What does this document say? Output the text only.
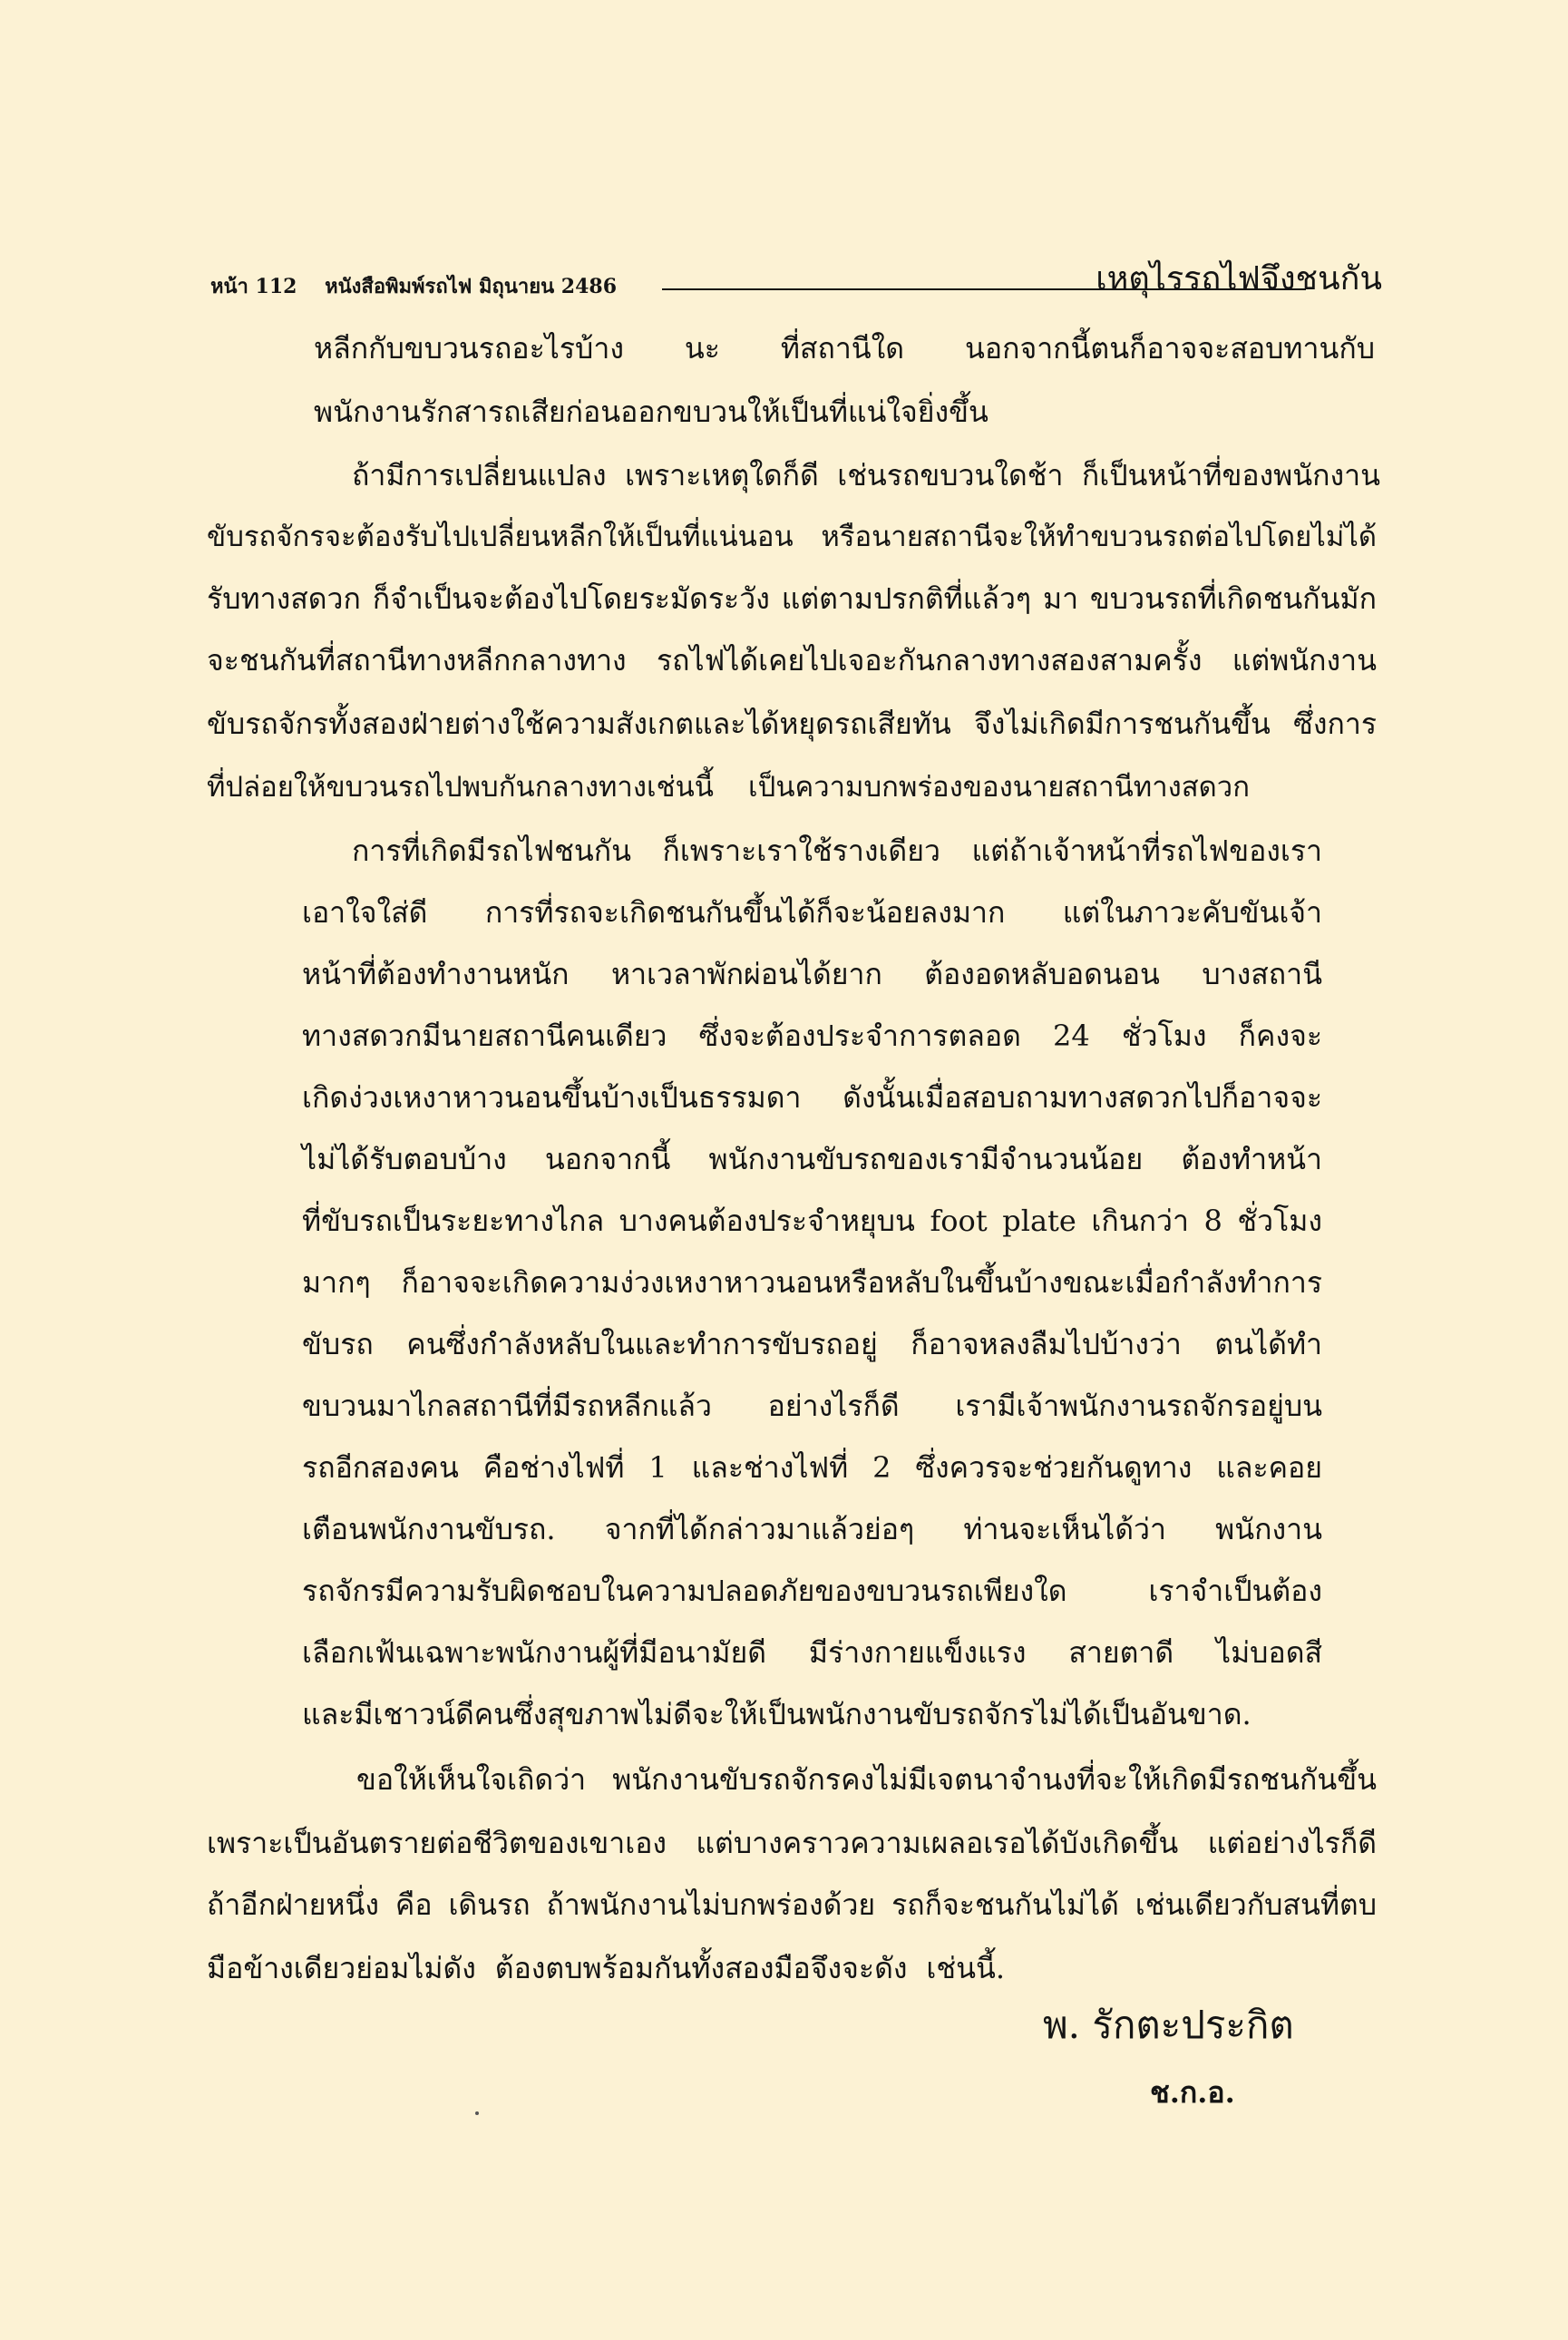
หน้า 112 หนังสือพิมพ์รถไฟ มิถุนายน 2486	เหตุไรรถไฟจึงชนกัน
หลีกกับขบวนรถอะไรบ้าง นะ ที่สถานีใด นอกจากนี้ตนก็อาจจะสอบทานกับ
พนักงานรักสารถเสียก่อนออกขบวนให้เป็นที่แน่ใจยิ่งขึ้น
ถ้ามีการเปลี่ยนแปลง เพราะเหตุใดก็ดี เช่นรถขบวนใดช้า ก็เป็นหน้าที่ของพนักงาน
ขับรถจักรจะต้องรับไปเปลี่ยนหลีกให้เป็นที่แน่นอน หรือนายสถานีจะให้ทำขบวนรถต่อไปโดยไม่ได้
รับทางสดวก ก็จำเป็นจะต้องไปโดยระมัดระวัง แต่ตามปรกติที่แล้วๆ มา ขบวนรถที่เกิดชนกันมัก
จะชนกันที่สถานีทางหลีกกลางทาง รถไฟได้เคยไปเจอะกันกลางทางสองสามครั้ง แต่พนักงาน
ขับรถจักรทั้งสองฝ่ายต่างใช้ความสังเกตและได้หยุดรถเสียทัน จึงไม่เกิดมีการชนกันขึ้น ซึ่งการ
ที่ปล่อยให้ขบวนรถไปพบกันกลางทางเช่นนี้ เป็นความบกพร่องของนายสถานีทางสดวก
การที่เกิดมีรถไฟชนกัน ก็เพราะเราใช้รางเดียว แต่ถ้าเจ้าหน้าที่รถไฟของเรา
เอาใจใส่ดี การที่รถจะเกิดชนกันขึ้นได้ก็จะน้อยลงมาก แต่ในภาวะคับขันเจ้า
หน้าที่ต้องทำงานหนัก หาเวลาพักผ่อนได้ยาก ต้องอดหลับอดนอน บางสถานี
ทางสดวกมีนายสถานีคนเดียว ซึ่งจะต้องประจำการตลอด 24 ชั่วโมง ก็คงจะ
เกิดง่วงเหงาหาวนอนขึ้นบ้างเป็นธรรมดา ดังนั้นเมื่อสอบถามทางสดวกไปก็อาจจะ
ไม่ได้รับตอบบ้าง นอกจากนี้ พนักงานขับรถของเรามีจำนวนน้อย ต้องทำหน้า
ที่ขับรถเป็นระยะทางไกล บางคนต้องประจำหยุบน foot plate เกินกว่า 8 ชั่วโมง
มากๆ ก็อาจจะเกิดความง่วงเหงาหาวนอนหรือหลับในขึ้นบ้างขณะเมื่อกำลังทำการ
ขับรถ คนซึ่งกำลังหลับในและทำการขับรถอยู่ ก็อาจหลงลืมไปบ้างว่า ตนได้ทำ
ขบวนมาไกลสถานีที่มีรถหลีกแล้ว อย่างไรก็ดี เรามีเจ้าพนักงานรถจักรอยู่บน
รถอีกสองคน คือช่างไฟที่ 1 และช่างไฟที่ 2 ซึ่งควรจะช่วยกันดูทาง และคอย
เตือนพนักงานขับรถ. จากที่ได้กล่าวมาแล้วย่อๆ ท่านจะเห็นได้ว่า พนักงาน
รถจักรมีความรับผิดชอบในความปลอดภัยของขบวนรถเพียงใด เราจำเป็นต้อง
เลือกเฟ้นเฉพาะพนักงานผู้ที่มีอนามัยดี มีร่างกายแข็งแรง สายตาดี ไม่บอดสี
และมีเชาวน์ดีคนซึ่งสุขภาพไม่ดีจะให้เป็นพนักงานขับรถจักรไม่ได้เป็นอันขาด.
ขอให้เห็นใจเถิดว่า พนักงานขับรถจักรคงไม่มีเจตนาจำนงที่จะให้เกิดมีรถชนกันขึ้น
เพราะเป็นอันตรายต่อชีวิตของเขาเอง แต่บางคราวความเผลอเรอได้บังเกิดขึ้น แต่อย่างไรก็ดี
ถ้าอีกฝ่ายหนึ่ง คือ เดินรถ ถ้าพนักงานไม่บกพร่องด้วย รถก็จะชนกันไม่ได้ เช่นเดียวกับสนที่ตบ
มือข้างเดียวย่อมไม่ดัง ต้องตบพร้อมกันทั้งสองมือจึงจะดัง เช่นนี้.
พ. รักตะประกิต
ช.ก.อ.
